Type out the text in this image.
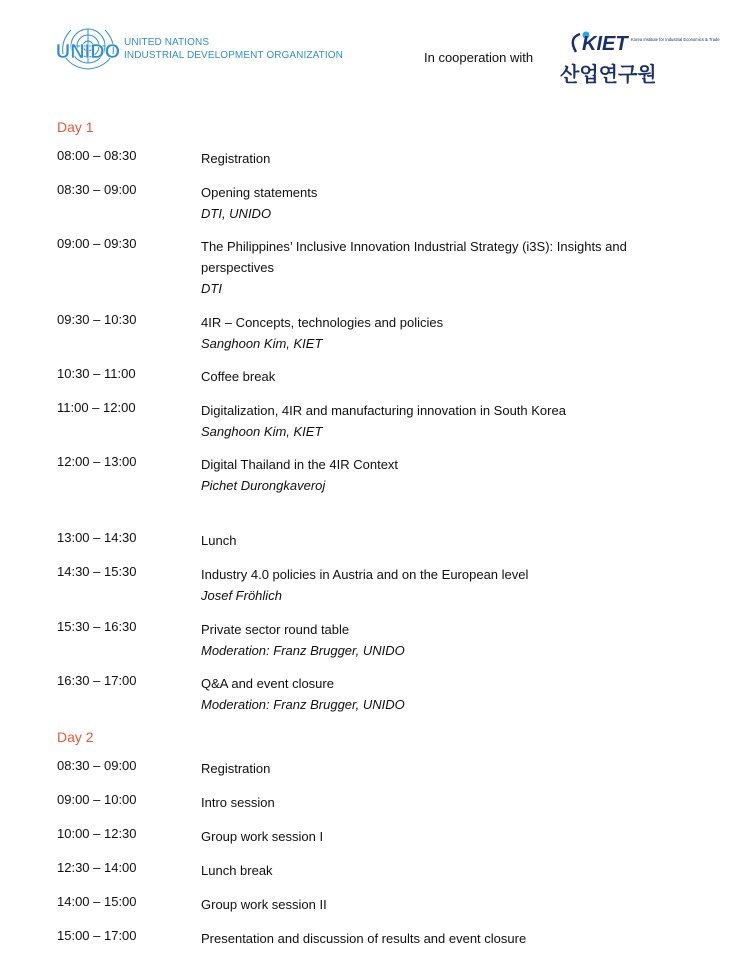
UNIDO UNITED NATIONS
INDUSTRIAL DEVELOPMENT ORGANIZATION	In cooperation with
KIET Korea Institute for Industrial Economics & Trade
산업연구원
Day 1
08:00 – 08:30	Registration
08:30 – 09:00	Opening statements
DTI, UNIDO
09:00 – 09:30	The Philippines’ Inclusive Innovation Industrial Strategy (i3S): Insights and perspectives
DTI
09:30 – 10:30	4IR – Concepts, technologies and policies
Sanghoon Kim, KIET
10:30 – 11:00	Coffee break
11:00 – 12:00	Digitalization, 4IR and manufacturing innovation in South Korea
Sanghoon Kim, KIET
12:00 – 13:00	Digital Thailand in the 4IR Context
Pichet Durongkaveroj
13:00 – 14:30	Lunch
14:30 – 15:30	Industry 4.0 policies in Austria and on the European level
Josef Fröhlich
15:30 – 16:30	Private sector round table
Moderation: Franz Brugger, UNIDO
16:30 – 17:00	Q&A and event closure
Moderation: Franz Brugger, UNIDO
Day 2
08:30 – 09:00	Registration
09:00 – 10:00	Intro session
10:00 – 12:30	Group work session I
12:30 – 14:00	Lunch break
14:00 – 15:00	Group work session II
15:00 – 17:00	Presentation and discussion of results and event closure
